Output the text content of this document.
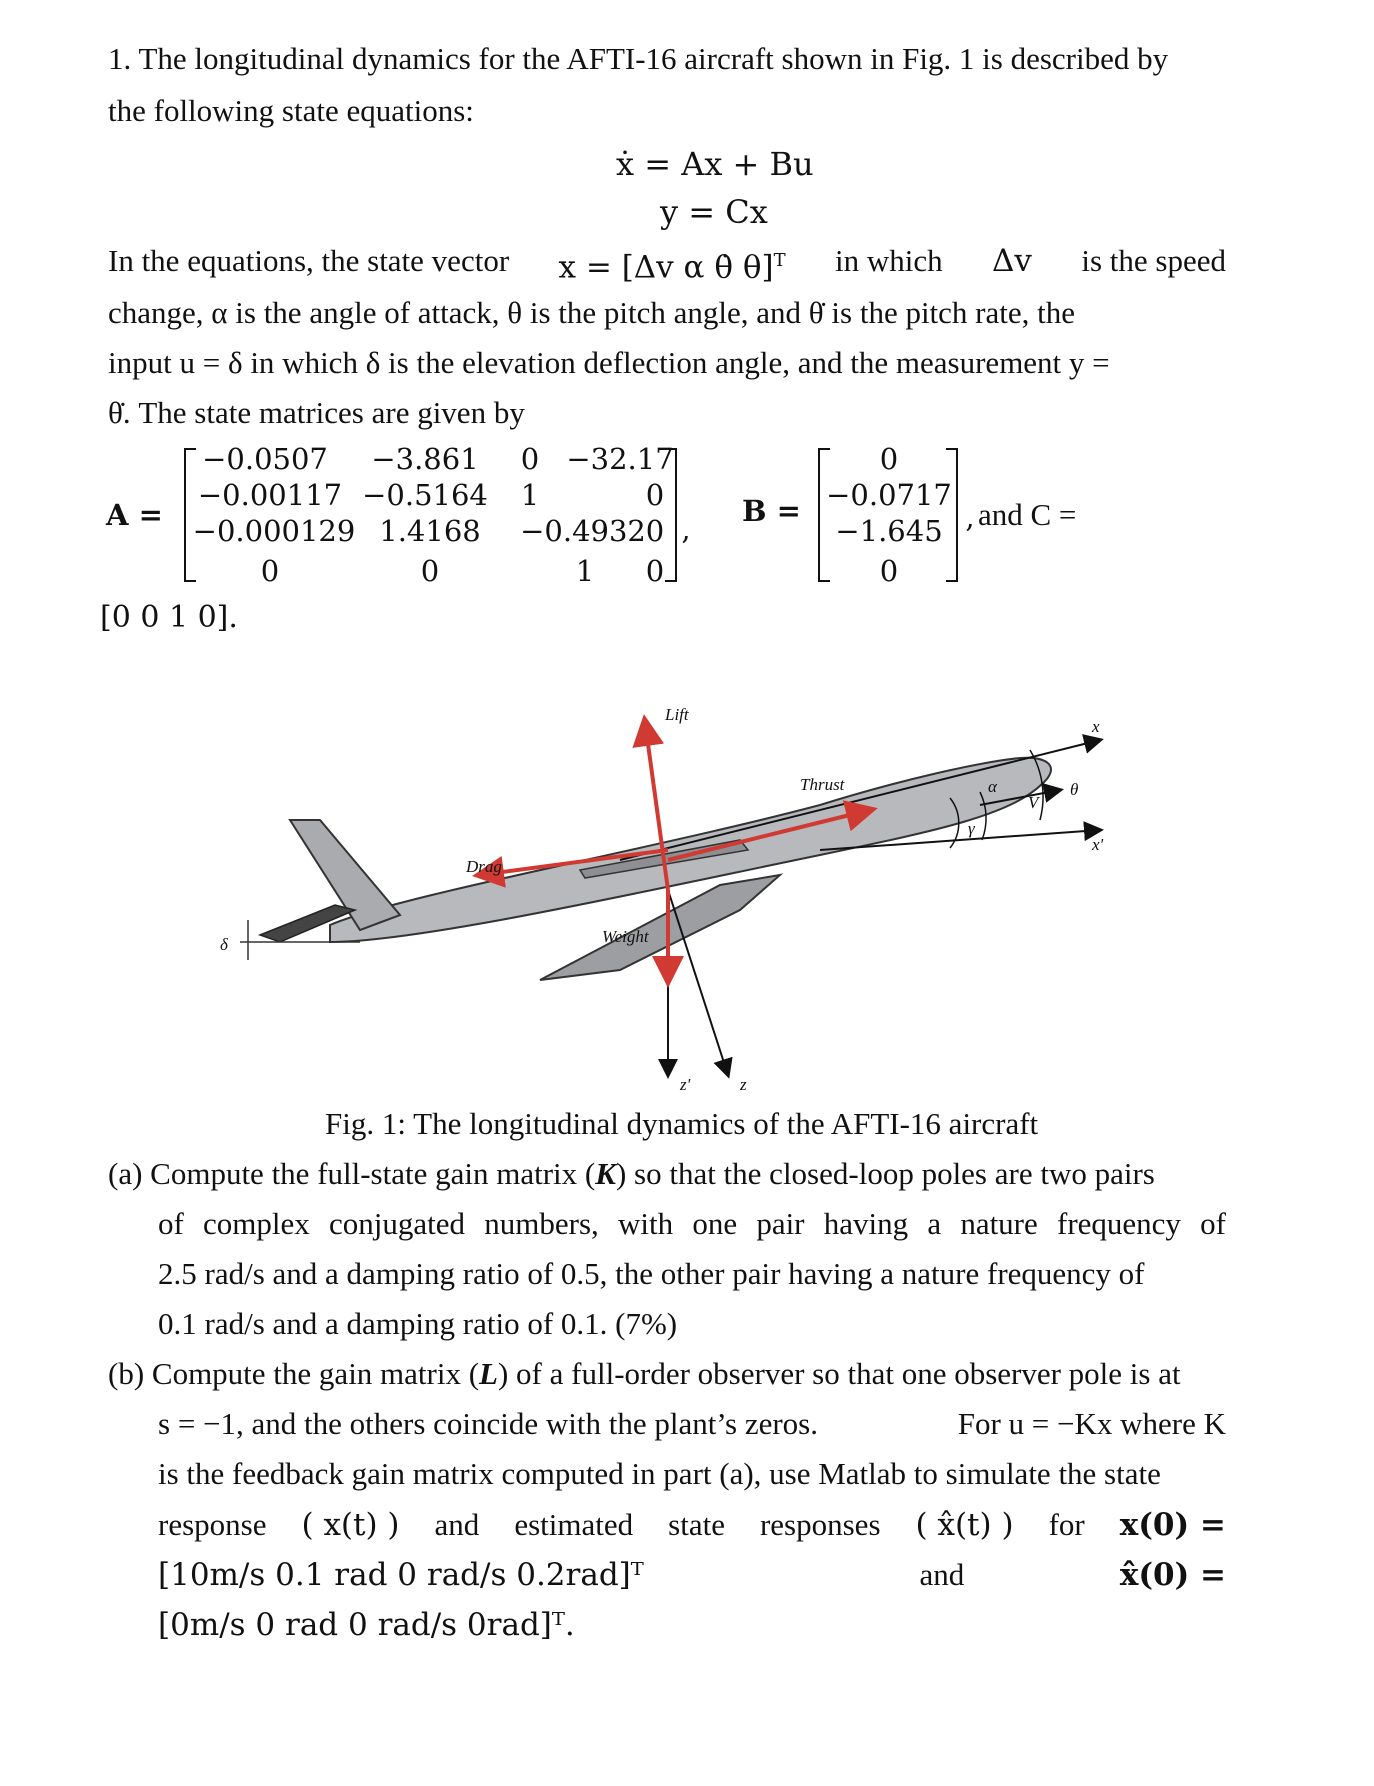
1. The longitudinal dynamics for the AFTI-16 aircraft shown in Fig. 1 is described by
the following state equations:
ẋ = Ax + Bu
y = Cx
In the equations, the state vector x = [Δv α θ̇ θ]$^T$ in which Δv is the speed
change, α is the angle of attack, θ is the pitch angle, and θ̇ is the pitch rate, the
input u = δ in which δ is the elevation deflection angle, and the measurement y =
θ̇. The state matrices are given by
A =
−0.0507	−3.861	0 −32.17
−0.00117 −0.5164	1	0
−0.000129 1.4168 −0.4932 0
0	0	1	0
,
B =
0
−0.0717
−1.645
0
, and C =
[0 0 1 0].
δ
α
V
θ
γ
x
x'
z'	z
Lift
Thrust
Drag
Weight
Fig. 1: The longitudinal dynamics of the AFTI-16 aircraft
(a) Compute the full-state gain matrix (K) so that the closed-loop poles are two pairs
of complex conjugated numbers, with one pair having a nature frequency of
2.5 rad/s and a damping ratio of 0.5, the other pair having a nature frequency of
0.1 rad/s and a damping ratio of 0.1. (7%)
(b) Compute the gain matrix (L) of a full-order observer so that one observer pole is at
s = −1, and the others coincide with the plant’s zeros.	For u = −Kx where K
is the feedback gain matrix computed in part (a), use Matlab to simulate the state
response ( x(t) ) and estimated state responses ( x̂(t) ) for x(0) =
[10m/s 0.1 rad 0 rad/s 0.2rad]ᵀ	and	x̂(0) =
[0m/s 0 rad 0 rad/s 0rad]ᵀ.
